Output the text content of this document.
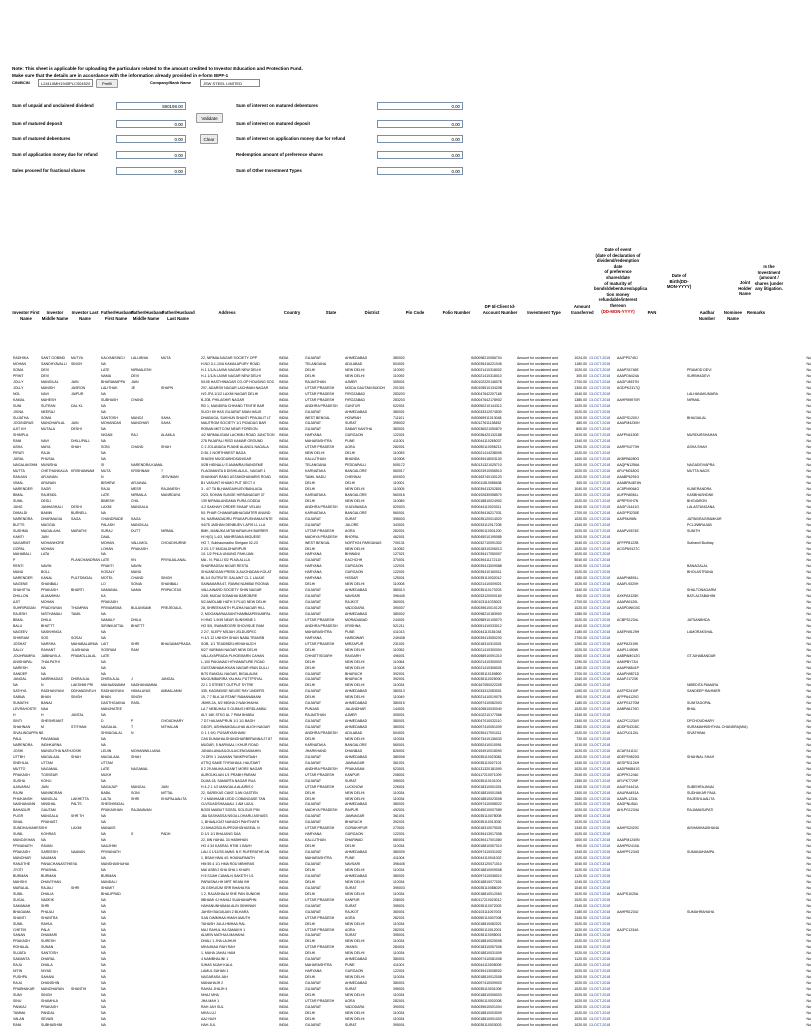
Note: This sheet is applicable for uploading the particulars related to the amount credited to Investor Education and Protection Fund.
Make sure that the details are in accordance with the information already provided in e-form IEPF-1
CIN/BCIN	L24110MH1945PLC004520	Prefill	Company/Bank Name	JSW STEEL LIMITED
Sum of unpaid and unclaimed dividend	590198.00
Sum of matured deposit	0.00
Sum of matured debentures	0.00
Sum of application money due for refund	0.00
Sales proceed for fractional shares	0.00
Validate
Clear
Sum of interest on matured debentures	0.00
Sum of interest on matured deposit	0.00
Sum of interest on application money due for refund	0.00
Redemption amount of preference shares	0.00
Sum of Other Investment Types	0.00
Investor First Name
Investor Middle Name
Investor Last Name
Father/Husband First Name
Father/Husband Middle Name
Father/Husband Last Name
Address	Country	State	District	Pin Code	Folio Number
DP Id-Client Id-Account Number	Investment Type
Amount transferred
Date of event
(date of declaration of
dividend/redemption date
of preference shares/date
of maturity of
bonds/debentures/applica
tion money
refundable/interest
thereon
(DD-MON-YYYY)	PAN
Date of Birth(DD-MON-YYYY)
Aadhar Number
Nominee Name
Joint Holder Name
Remarks
Is the Investment (amount / shares )under any litigation.
RADHIKA	SANT GOBIND	MUTYA	KALYANSINGJ	LALLIBHAI	MUTA	22, NIRMALNAGAR SOCIETY OPP	INDIA	GUJARAT	AHMEDABAD	380002		IN30098210056704	Amount for unclaimed and	1024.00	13-OCT-2018	AAJPP0745J				No
MOHAN	SANDHYAVALLI	SINGH	NA			H.NO.3-1-10/A KAMALAPURY ROAD	INDIA	TELANGANA	ADILABAD	504001		IN30039416221045	Amount for unclaimed and	1180.00	13-OCT-2018					No
SOMA	DEVI		LATE	NIRMALESH		H-1 1/1/A LAXMI NAGAR NEW DELHI	INDIA	DELHI	NEW DELHI	110092		IN30021410318002	Amount for unclaimed and	1020.00	13-OCT-2018	AAAPS4746E		PRAMOD DEVI		No
PRINT	DEVI		NAMA	DEVI		H-1 1/1/A LAXMI NAGAR NEW DELHI	INDIA	DELHI	NEW DELHI	110092		IN30021410318010	Amount for unclaimed and	300.00	13-OCT-2018	AAAPD6424A		SURBHADEVI		No
JOLLY	MANGILAL	JAIN	BHARAMAPPA	JAIN		5/105 HASTHINAGAR CO-OP HOUSING SOC	INDIA	RAJASTHAN	AJMER	305001		IN30102220146078	Amount for unclaimed and	2700.00	13-OCT-2018	AAGPJ4537N				No
JOLLY	MANISH	JASRON	LALITHAK	JE	SHAPN	297, ADARSH NAGAR LACHMAN NAGAR	INDIA	UTTAR PRADESH	NOIDA GAUTAM BUDDH	201301		IN30105510134208	Amount for unclaimed and	1300.00	13-OCT-2018	AGDPK2317Q				No
NOL	NAVI	JAIPUR	NA			H/2 JFA 1/1/2 LAXMI NAGAR DELHI	INDIA	UTTAR PRADESH	FIROZABAD	283203		IN30047642207165	Amount for unclaimed and	1040.00	13-OCT-2018			LALHANAKUMARA		No
KAMAL	MAHESH		SUBHASH	CHAND		B-208, PHILASHIR NAGAR	INDIA	UTTAR PRADESH	FIROZABAD	283203		IN30047642178902	Amount for unclaimed and	1380.00	13-OCT-2018	AAHPM5970R		NIRMAL		No
SUNI	SUTRAN	DAL KL	NA			RD 1, MANDIRA CHHAND TENTIE BAR	INDIA	ANDHRA PRADESH	GUNTUR	522001		IN30050210144312	Amount for unclaimed and	1020.00	13-OCT-2018					No
JIGNA	NEERAJ		NA			SUCH 89 HAS GUJARAT MIAN HAUS	INDIA	GUJARAT	AHMEDABAD	380001		IN30033312074530	Amount for unclaimed and	1020.00	13-OCT-2018					No
SUJATHA	SOMA		SANTOSH	MANOJ	SAHA	DHABUGA, SUKHUN SHANTI PRAJALIT LT	INDIA	WEST BENGAL	HOWRAH	711101		IN30069911013048	Amount for unclaimed and	1020.00	13-OCT-2018	AAGPS1200J		BHAGIALAL		No
JOGINDRAS	MANOHARLAL	JAIN	MOHANDAS	MANOHAR	SAHA	MAUTROM SOCIETY 1/1 PIDADAG BAR	INDIA	GUJARAT	SURAT	395002		IN30127611138452	Amount for unclaimed and	480.00	13-OCT-2018	AAAPM4230H				No
AJIT KH	MUTALA	DESHI	NA			ROBAN METCOM NEAR FOREIGN	INDIA	GUJARAT	SABAR KANTHA	383001		IN30036021050870	Amount for unclaimed and	800.00	13-OCT-2018					No
SHIMPLA			NIGAM	RAJ	ALAMLA	4/2 NIRMALIGAM LACHMU ROAD JUNCTION	INDIA	HARYANA	GURGAON	122001		IN30036420132188	Amount for unclaimed and	1020.00	13-OCT-2018	AAFPN4130E		MURDURSHAHAN		No
RANI	NAVI	DHILLIPALL	NA			278 PAJAPALI RISD KAMAR GROUND	INDIA	MAHARASHTRA	PUNE	411001		IN30044110265037	Amount for unclaimed and	1340.00	13-OCT-2018					No
ASHA	MAYA	SHAH	SONI	CHAND	SHAH	C 2 JOLANAGA PIJANE ALANGL NAGALA	INDIA	UTTAR PRADESH	AGRA	282001		IN30050110096213	Amount for unclaimed and	1290.00	13-OCT-2018	AARPS4770H		ASHA SHAH		No
PIRATI	RAJA		NA			D BL 1 NORTHWEST BAGA	INDIA	NEW DELHI	DELHI	110053		IN30021414238005	Amount for unclaimed and	1020.00	13-OCT-2018					No
JURAL	PHUSAL		NA			SHASHI MUGDUBHDSANIGAR	INDIA	KALLUTHAN	BHANDA	110008		IN30039418003100	Amount for unclaimed and	1400.00	13-OCT-2018	AKBPB6280G				No
NAGALAKSHM	MUNISHA		SI	NARENDRA KAMAL		5/2B HIDNALU S ANAMRAI BANGEME	INDIA	TELANGANA	PEDDAPALLI	505172		IN30131321025710	Amount for unclaimed and	1020.00	13-OCT-2018	AAQPN1256A		NAGADEVIAPRA		No
MUTTA	CHETHANKALIA	KRISHANNAM	MUTA	KRISHNAM	?	FLAGIMANTA 8 DISHILALILIL, NAGAR 1	INDIA	KARNATAKA	BANGALORE	560017		IN30023910056510	Amount for unclaimed and	1020.00	13-OCT-2018	AFLPM0180G		MUTTA NAGS		No
RANJAN	ARJUNAN		N		JESVIMAN	SHANKAR RANG ASTAMOHANARIS ROAD	INDIA	TAMIL NADU	CHENNAI	600003		IN30163740130120	Amount for unclaimed and	1020.00	13-OCT-2018	AAABP6291G				No
VIMAL	ARUNAN		BISHEW	ARJUNAL		B1 VASUNT KHAMO PUT SECT 4	INDIA	DELHI	DELHI	110001		IN30011810085408	Amount for unclaimed and	300.00	13-OCT-2018	AAABPA4874N				No
NARENDER	SAGR		RAJU	MESR	RAJANESH	3 - 4/7 TA BLHAMGAIHUSY/BANLAGA	INDIA	DELHI	NEW DELHI	110005		IN30039413202801	Amount for unclaimed and	1040.00	13-OCT-2018	AC8PN9064G		KUNERANDRA		No
BIMAL	RAJENDL		LATE	NIRMALA	MANRDAYA	2/23, SOHAN SUNGE HIRSANAGAR 37	INDIA	KARNATAKA	BANGALORE	560016		IN30192630058570	Amount for unclaimed and	1020.00	13-OCT-2018	AUFPN6061L		KASBHASHDNK		No
SUNIL	DESLI		BIMESH	CHIL		139 NIRMALANDAMA PURA GODDA	INDIA	DELHI	NEW DELHI	110089		IN30018810024902	Amount for unclaimed and	1020.00	13-OCT-2018	APRPSVH7N		BHGVARGN		No
JUNG	JANHASHALI	DESHI	LAXMI	MANGALA		4-2 SAKHAYI ORDER SHAAF VELAN	INDIA	ANDHRA PRADESH	VIJAYAWADA	520003		IN30044110020311	Amount for unclaimed and	1040.00	13-OCT-2018	AAGPJ1441G		LALASTANGANA		No
DIMALDI	BAMIN	BURNELL	NA			5/1 PHAR CHAMARABHAGAMTER ANUND	INDIA	KARNATAKA	BANGALORE	560001		IN30039416217031	Amount for unclaimed and	2700.00	13-OCT-2018	AAGPP3230E				No
NARENDRA	DHARMAGIA	SAGA	CHANDRADE	SAGA		94, NARMADADRU PRAKAPUSHANIA ENTE	INDIA	GUJARAT	SURAT	395003		IN30035120014020	Amount for unclaimed and	1020.00	13-OCT-2018	AAIPNU96N		JATINDRAGRAMKAR		No
BUTTS	MAGGIA		PALASH	MANGILAL		94/75 JASHAN DENBUEV LAPIS LL LLA	INDIA	GUJARAT	JALORE	343001		IN30033112017208	Amount for unclaimed and	1340.00	13-OCT-2018			PCLJNBRAJAB		No
SUSHMA	MAGALAHA	MARATHI	SURAJ	DUTT	NIRMAL	BMK, MANUKA MITAHARAKUHI BARRER	INDIA	UTTAR PRADESH	AGRA	282001		IN30050110001200	Amount for unclaimed and	1020.00	13-OCT-2018	AAAPV4574E		SUNITH		No
KAMTI	JAIN		DAAL			HI H(G) 1-4/3, MAHRSANA MIGUESE	INDIA	MADHYA PRADESH	BHOPAL	462001		IN30045010195085	Amount for unclaimed and	1020.00	13-OCT-2018					No
NAGARMT	MOHANHORE		MOHAN	VALLIMOL	CHOUDHURNE	HO 7, Subhaumadhu Shrigam 02-23	INDIA	WEST BENGAL	NORTH24 PARGANAS	700131		IN30032710091302	Amount for unclaimed and	1040.00	13-OCT-2018	AFFPP8122B		Suthamil Bodhay		No
GOPAL	MOHAN		LOHAN	PRAKASH		2 2/1 1/7 MUDALDHARIPUR	INDIA	DELHI	NEW DELHI	110052		IN30018310206013	Amount for unclaimed and	1020.00	13-OCT-2018	ACGPN9127C				No
MAHABALI	LATA		NA			1/1 1/2 PHLA UNIUNG PAHUJAN	INDIA	HARYANA	BHIWANI	127021		IN30039417050007	Amount for unclaimed and	1020.00	13-OCT-2018					No
P		PLANCHANDRAN	LATE	KN	PRIYAJALANAL	MA - N, PALLI 5/2 PLNA ALLLA	INDIA	GUJARAT	KACHCHH	370001		IN30039411172110	Amount for unclaimed and	5040.00	13-OCT-2018					No
RENTI	NAVIN		PRAKTI	NAVIN		SHARRADSAI NIGAR RESTA	INDIA	HARYANA	GURGAON	122001		IN30039413009088	Amount for unclaimed and	1020.00	13-OCT-2018			BANAGALAL		No
MANU	BOLL		KOSALY	MANU		SHUANDGAN PRISB JLAUGHADAN KOLAT	INDIA	HARYANA	GURGAON	122001		IN30039410160011	Amount for unclaimed and	1020.00	13-OCT-2018			BHOLASTRANA		No
NARENDER	KANAL	PULTSINGAL	MOTEL	CHAND	SINGH	BL1/4 SUTRUTE GALAINT CL 1 LAUUE	INDIA	HARYANA	HISSAR	125001		IN30035110032012	Amount for unclaimed and	1180.00	13-OCT-2018	AAAPN6591L				No
NAGENE	SHANBALI		LO	SONIA	SHANBALI	SAINAMARA 67, RAMNI NUMBAI ROONIA	INDIA	DELHI	NEW DELHI	110008		IN30021410009021	Amount for unclaimed and	1020.00	13-OCT-2018	AAAFL9320H				No
SHAHITYA	PRAKASH	BHARTI	NAMANAL	NAMA	PRIPACITAS	VALLAINARD SOCIETY SHIN NAGAR	INDIA	GUJARAT	AHMEDABAD	380013		IN30035110170203	Amount for unclaimed and	1340.00	13-OCT-2018			SHALTONAGARM		No
DHILLON	ALMA/BHAI		KA			24/8, MUDAI SOMAHAI BAROB/RE	INDIA	GUJARAT	NAVSARI	396445		IN30033120000160	Amount for unclaimed and	500.00	13-OCT-2018	AXKPA3125K		BATLALTABAHINI		No
AJIT	MOHAN		PRAKASH			5/2 AMOLABI HATH 3 PLUG NEW DELHI	INDIA	GUJARAT	RAJKOT	360001		IN30103111033003	Amount for unclaimed and	2700.00	13-OCT-2018	AAAPA9120L				No
SUHRIPASAN	PRADYAYAN	THUMPAN	PRIVAMSMA	BULANSAMI	PREJEOALIL	28, SHREEKANTH PUZHA NAGAR HILL	INDIA	GUJARAT	VADODARA	390007		IN30039610010120	Amount for unclaimed and	1020.00	13-OCT-2018	AASPDWIG0C				No
RAJESH	NISTHAMALI	TAMIL	NA			2, MOGANARAASANTHAMBAAPENUMPAL	INDIA	GUJARAT	AHMEDABAD	380002		IN30098210183900	Amount for unclaimed and	1280.00	13-OCT-2018					No
BIMAL	DHILA		NAMALY	DHILA		H HNO 1-9/45 NEAR SUNSHINE 1	INDIA	UTTAR PRADESH	MORADABAD	244001		IN30058910105070	Amount for unclaimed and	1020.00	13-OCT-2018	ACBPS1234L		JATSANBHDA		No
BALU	BHATTT		SIRINIKATTAL	BHATTT		HO 5/5, SWAMEOGRI SHOVISUE RAM	INDIA	ANDHRA PRADESH	KRISHNA	521211		IN30051410033012	Amount for unclaimed and	1040.00	13-OCT-2018					No
NAGEEV	NASKHINGA		NA			2 2/7, SLEPY MSJAH JSLDUSPEC	INDIA	MAHARASHTRA	PUNE	411013		IN30044110181044	Amount for unclaimed and	1180.00	13-OCT-2018	AAEPN9129H		LAMORAKSHAL		No
SHIKRAM	SOS	SOSAI	NA			H 4/1 12 UNHOH SHAN NABA TRANSB	INDIA	HARYANA	HARIDWAR	249408		IN30039413050200	Amount for unclaimed and	2700.00	13-OCT-2018					No
JOSHAT	NARSHA	MAHABALARMA	LAIT	SHRI	BHAGAMAPRADA	SOB, 1/1 TEADBDELHEHAHAJCH	INDIA	UTTAR PRADESH	MIRZAPUR	231001		IN30018310310001	Amount for unclaimed and	1260.00	13-OCT-2018	AAFPA2319K				No
SALLY	RAHANT	JLASHANA	SOSRAM	RAM		5/27 VARMAN NAGAR NEW DELHI	INDIA	DELHI	NEW DELHI	110052		IN30021410300004	Amount for unclaimed and	1020.00	13-OCT-2018	AAIPL1490W				No
JOUHRAMRA	JABINAYILA	PRAMOLLALAL	LATE			VALLAYAPRADA PLHGEMARN CAHAN	INDIA	CHHATTISGARH	RAIGARH	496001		IN30058910091310	Amount for unclaimed and	1060.00	13-OCT-2018	AABPAM012G		GTJUHABANDAR		No
ANISHAPAL	THALPATHI		NA			L-100 PAKANAD HITHAMATURE ROAD	INDIA	DELHI	NEW DELHI	110064		IN30021410300003	Amount for unclaimed and	1290.00	13-OCT-2018	AAMPBY7A4				No
NARESH	NA		NA			GUSTANNAMUKKAN NAGAR IRAN DULLI	INDIA	DELHI	NEW DELHI	110008		IN30021410306001	Amount for unclaimed and	1180.00	13-OCT-2018	AAAPN6541P				No
SANDEP	NA		NA			B/70 RANGAL NAGAR, BIGALAUNI	INDIA	GUJARAT	BHARUCH	392001		IN30035110159800	Amount for unclaimed and	2700.00	13-OCT-2018	AAAPN9871D				No
JANGAL	NARBHADAS	DHIRAJLAL	DHIRAJLAL	J	JANGAL	MUGUMBARIRA YALHAL PUTTPSYAL	INDIA	GUJARAT	BHARUCH	392001		IN30035110025000	Amount for unclaimed and	1040.00	13-OCT-2018	AAAPJ1723K				No
NA	N	LAKSHMI PRI	MAHAANIAMM	NADHANIAMMA		22 1 3 STREET OUTPUT SYTRE	INDIA	DELHI	NEW DELHI	110034		IN30167050022205	Amount for unclaimed and	1260.00	13-OCT-2018			NIBEDITA PAMARA		No
SATHYA	RADHANYANI	DDHANDIVELH	RADHANYANI	HIMALAYAS	AMMALAMM	335, KADINDISE NEUSE RAY UNDERS	INDIA	GUJARAT	AHMEDABAD	380013		IN30033312083001	Amount for unclaimed and	1260.00	13-OCT-2018	AATPS2410P		SANDEEP RAHNIER		No
SABNA	BHAN	SINGH	BHAN	SINGH		15, 7 7 BLA 1A RTANF RAMANAMANI	INDIA	DELHI	NEW DELHI	110049		IN30021410019076	Amount for unclaimed and	800.00	13-OCT-2018	AFPPA4120G				No
SUMATHI	BANAJ		DASTHGAKNA	RASL		JMHB 2A, 5/2 MIDHA 2 NAIKIHAIHA	INDIA	GUJARAT	AHMEDABAD	380015		IN30097410082003	Amount for unclaimed and	1180.00	13-OCT-2018	AAFPS1270M		SUNITAGOPAL		No
LEVRAHOSTE	NAA		MANJHATEE			LA 7 NEBUHAU S GUMUS HERDLAMBU	INDIA	PUNJAB	JALANDHAR	144001		IN30109810030040	Amount for unclaimed and	1020.00	13-OCT-2018	AABPA6170D		BHAL		No
H	H	JANTAL	NA			ALY 16K STKG AL 7 PAM BHABU	INDIA	RAJASTHAN	AJMER	305001		IN30102210177066	Amount for unclaimed and	1340.00	13-OCT-2018					No
SINTI	SHESHRANIT		D	P	CHOUDHARY	7 D7 HALMA/PRUN 1/1 1/1 BAGH	INDIA	GUJARAT	AHMEDABAD	380001		IN30047010032110	Amount for unclaimed and	1340.00	13-OCT-2018	AACPC1234Y		DPCHOUDHARY		No
SHAHNAN	M	STITHAM	NAGALAL	T	NITHALAN	GDGFI, ASHWAMGALLIHAI ALIGH NAGAR	INDIA	GUJARAT	AHMEDABAD	380001		IN30097410051009	Amount for unclaimed and	2380.00	13-OCT-2018	ADDPS4318C		SURAMAHNSHTHAL CHANDRA(MIA)		No
SIVALINGAPPA N	S		SHIVAGALAL	N		G 1 1 9/0, PUSARYASHAINI	INDIA	ANDHRA PRADESH	ADILABAD	504001		IN30039417001011	Amount for unclaimed and	1020.00	13-OCT-2018	AACPU1124L		SIVATHIMA		No
PAUL	PAVIAMAAI		NA			CA5 DUMAHALSHANGHARBERANNA 27 87	INDIA	DELHI	NEW DELHI	110034		IN30073410136033	Amount for unclaimed and	720.00	13-OCT-2018					No
NARENDRA	INDHKARNA		NA			MUDAR, 5 NARVAAL I KHUR ROAD	INDIA	KARNATAKA	BANGALORE	560001		IN30052410010091	Amount for unclaimed and	1010.00	13-OCT-2018					No
JOSHI	MANGUTHA NATH	JOSHI	LEUIN	MOHANWILLIANA		JUNAN-AVA/AILOULA/CENGAMAHIN	INDIA	JHARKHAND	DHANBAD	826001		IN30154910018090	Amount for unclaimed and	1020.00	13-OCT-2018	ACAPJ4110J				No
UTTBH	MAGALAAL	SHAH	MAGALAAL	SHAH		74 DRV 1 1/AAHAN TANKPNITAAH	INDIA	GUJARAT	AHMEDABAD	380006		IN30035110023081	Amount for unclaimed and	1020.00	13-OCT-2018	ADEPS9520G		SHAHNAL SHAH		No
SNEHLAL	UTTAM		UTTAM			ATTIQ SAME TIYRAHAUL HAUTAWT	INDIA	GUJARAT	JAMNAGAR	361001		IN30035110027101	Amount for unclaimed and	1340.00	13-OCT-2018	AEGPS1124H				No
MUTTO	NAGAMAL		LATE	NAGAMAL		8 2 29 ANUHA AGANIT MORE NAGAR	INDIA	ANDHRA PRADESH	PRAKASAM	523001		IN30131320181090	Amount for unclaimed and	1020.00	13-OCT-2018	AADPM6541S				No
PRAKASH	TOSSEAR		MUKH			AUROUKLIAN 1/1 PRABH PARAM	INDIA	UTTAR PRADESH	KANPUR	208001		IN30117210071009	Amount for unclaimed and	2040.00	13-OCT-2018	ADPPK1246J				No
SUSHA	KOHLI		NA			DLMA 18, SAMARTA NAGAR RUA	INDIA	GUJARAT	SURAT	395001		IN30035110101001	Amount for unclaimed and	1350.00	13-OCT-2018	AFLPK7729P				No
AJAVARAJ	JAIN		NAGAJUP	MANGAL	JAIN	H 4-2 1 1/2 MANGALA ALAIRIS 0	INDIA	UTTAR PRADESH	LUCKNOW	226001		IN30018310001001	Amount for unclaimed and	1340.00	13-OCT-2018	AAUPJ4441A		SUBEHRAJANAI		No
RAJNI	MANINDRAN		BABA	SONI	MITTAL	22, SAREKAS CAKE 3 AN GASTEN	INDIA	DELHI	NEW DELHI	110034		IN30018810001065	Amount for unclaimed and	1300.00	13-OCT-2018	AAUPA4451A		SUDHAKAR PAUL		No
PHUKANSH	MANGLAL	LAKHETTA	LALTA	SHRI	KHUPALAALITA	7 4 MANHAAB LEDD COBANGASE TAN	INDIA	DELHI	NEW DELHI	110034		IN30018810023008	Amount for unclaimed and	2060.00	13-OCT-2018	AAAPL1234L		RAJESHLAALITA		No
NASHANUNN	NINSHAL	PALTS	SHESHIINGAL			CLVSUADSHAAAALI 1 AM UUUL	INDIA	GUJARAT	AHMEDABAD	380001		IN30097410098022	Amount for unclaimed and	1020.00	13-OCT-2018	AAGPNU5A1				No
BAHADUR	GAUTAM		PRAKASHAN	RAJANAVAN		B/205 MAIBUT SOSSL SOLGUS PIM	INDIA	MADHYA PRADESH	RAIPUR	492001		IN30045010007089	Amount for unclaimed and	1020.00	13-OCT-2018	AHLPG1234U		RAJAMASUPATI		No
PUGR	MANGALA	SHR TH	NA			J8A SASHASSA NSGA LOHARU ASHASS	INDIA	GUJARAT	JAMNAGAR	361001		IN30035110078008	Amount for unclaimed and	1090.00	13-OCT-2018					No
SINAL	PRAHAST		NA			1, BHAALIOAT NAHACH PAHTHATH	INDIA	GUJARAT	BHARUCH	392001		IN30035110013030	Amount for unclaimed and	1020.00	13-OCT-2018					No
SUNDHA MAHES	SHI	LAXMI	MANAVS			2J MHAGSDLKUPR2UHGHASEAL N	INDIA	UTTAR PRADESH	GORAKHPUR	273001		IN30018310079001	Amount for unclaimed and	1340.00	13-OCT-2018	AAHPS2420C		AISHABHAASHANA		No
SUNIL	KOHRAS		NA	S	PADH	D 1/1 1/1 BHAJANG SAA	INDIA	HARYANA	GURGAON	122001		IN30039413017008	Amount for unclaimed and	1020.00	13-OCT-2018					No
MANOJKHAN	NA		NA			22, 8IN HAHAL 34 HABHHAN	INDIA	KALLUTHAN	DHARWAD	580001		IN30039417001080	Amount for unclaimed and	1000.00	13-OCT-2018	AAAPM1240N				No
PRIVANATH	RAVAN		NAUJHIM			HO 4 34 KASRA1 HTMI 1 BAVH	INDIA	DELHI	DELHI	110034		IN30018810057010	Amount for unclaimed and	900.00	13-OCT-2018	AAHPR2410A				No
PRAKASH	SAREESH	NAAVAN	PRIVANATH			LAU 4 1/11/SS AMM1 N E RUFERATHE AN	INDIA	GUJARAT	AHMEDABAD	380009		IN30097410031002	Amount for unclaimed and	1340.00	13-OCT-2018	AAHPP1234G		SUMANAHAMPA		No
MANOHAR	NAUMAN		NA			1, BSAH NMA 4/1 HOANURMATH	INDIA	MAHARASHTRA	PUNE	411004		IN30044110041002	Amount for unclaimed and	1020.00	13-OCT-2018					No
RANJITHE	PANACHANASTHIEVA		MANSHASHUHAI			HM 55 4 1/1 HMA ROU MBHIRAS	INDIA	GUJARAT	NAVSARI	396445		IN30033120071010	Amount for unclaimed and	1040.00	13-OCT-2018					No
JYOTI	PRASHAL		NA			MAI ASBVJ SHA SHA 1 KHARI	INDIA	DELHI	NEW DELHI	110034		IN30018810009008	Amount for unclaimed and	1020.00	13-OCT-2018					No
BURMAN	BURMAN		BURMAN			H 5 SIJAH CAMALN SAKETH 1/1	INDIA	GUJARAT	AHMEDABAD	380001		IN30097410036010	Amount for unclaimed and	1120.00	13-OCT-2018					No
MAHSHI	DHAVITHAN		MANDALI			PARASNA HH MRT HEANI BH	INDIA	DELHI	NEW DELHI	110034		IN30018810077001	Amount for unclaimed and	1240.00	13-OCT-2018					No
MARALAL	RAJALI	SHRI	SHAMIT			26 GSHUSJM SRR BHAHA RA	INDIA	GUJARAT	SURAT	395003		IN30035110088029	Amount for unclaimed and	1040.00	13-OCT-2018					No
SUNIL	DHALIA		BHALIPRAD			1 2, RAJASHALM SHE PAN SUNIDHI	INDIA	DELHI	NEW DELHI	110034		IN30018810012063	Amount for unclaimed and	1020.00	13-OCT-2018	AAJPS1020A				No
SUGAL	NADEIK		NA			5BHAMI 4J HAHAJ SUAHANAPHN	INDIA	UTTAR PRADESH	KANPUR	208001		IN30117210023012	Amount for unclaimed and	1020.00	13-OCT-2018					No
SAMANAH	SHRI		NA			HAHANUNHAM4A ALIN GINHNIAY	INDIA	GUJARAT	SURAT	395001		IN30035110072003	Amount for unclaimed and	2340.00	13-OCT-2018					No
BHAGAMA	PHAJAJ		NA			JAHSH BUGAUAN 2 BLHARA	INDIA	GUJARAT	RAJKOT	360001		IN30103111067003	Amount for unclaimed and	1180.00	13-OCT-2018	AAHPB1234J		SUMAHRAHAHA		No
SHANTI	SHANTRA		NA			SJAI DIMMHAA HMAH AMUTH	INDIA	UTTAR PRADESH	AGRA	282001		IN30050110007008	Amount for unclaimed and	2340.00	13-OCT-2018					No
SUNIL	RAHUL		NA			TAHASH JULA HMHAA RAL	INDIA	DELHI	NEW DELHI	110034		IN30018810082021	Amount for unclaimed and	1020.00	13-OCT-2018					No
CHETIN	PALA		NA			MAJ RAHUL HA SAMAKH 1	INDIA	UTTAR PRADESH	AGRA	282001		IN30050110012001	Amount for unclaimed and	1020.00	13-OCT-2018	AAJPC1234A				No
SANAN	DHAMARI		NA			ALMEN MATHUA MAHAHA	INDIA	GUJARAT	SURAT	395001		IN30035110098001	Amount for unclaimed and	1340.00	13-OCT-2018					No
PRAKASH	SURESH		NA			DHALI 1 JHA LAJHUH	INDIA	DELHI	NEW DELHI	110034		IN30018810025008	Amount for unclaimed and	1020.00	13-OCT-2018					No
ROHALAL	SUNAN		NA			MHAJMAU RAH RAH	INDIA	UTTAR PRADESH	JHANSI	284001		IN30018310057006	Amount for unclaimed and	1340.00	13-OCT-2018					No
SUJATA	SANTOSH		NA			1, MAHA JAHAL HAM	INDIA	DELHI	NEW DELHI	110034		IN30018810031009	Amount for unclaimed and	1020.00	13-OCT-2018					No
SAMANTA	DHARAL		NA			4 NAMBHALINI 1	INDIA	GUJARAT	AHMEDABAD	380001		IN30097410081008	Amount for unclaimed and	1120.00	13-OCT-2018					No
RAJU	DHALA		NA			5JHAS MJAH KALA	INDIA	MAHARASHTRA	PUNE	411001		IN30044110005005	Amount for unclaimed and	1020.00	13-OCT-2018					No
NITIN	NIYAS		NA			LAMUL SAHAN 1	INDIA	HARYANA	GURGAON	122001		IN30039413008002	Amount for unclaimed and	1020.00	13-OCT-2018					No
PUSHPA	SAHANI		NA			NAGARASA JAH	INDIA	DELHI	NEW DELHI	110034		IN30018810012008	Amount for unclaimed and	1020.00	13-OCT-2018					No
RAJU	DHANSHIN		NA			MANAHAJH 2	INDIA	GUJARAT	AHMEDABAD	380001		IN30097410009003	Amount for unclaimed and	1020.00	13-OCT-2018					No
PRABHAKAR	MANOHARAN	SHANTHI	NA			RAHAL JHAJH 4	INDIA	GUJARAT	SURAT	395001		IN30035110031006	Amount for unclaimed and	1020.00	13-OCT-2018					No
SUMI	SINGH		NA			NHAJ MHA	INDIA	DELHI	NEW DELHI	110034		IN30018810006003	Amount for unclaimed and	1020.00	13-OCT-2018					No
SINU	SHAMHLA		NA			JHA MAH 1	INDIA	UTTAR PRADESH	AGRA	282001		IN30050110002008	Amount for unclaimed and	1020.00	13-OCT-2018					No
PANKAJ	PRAKASH		NA			RAH JAH SUL	INDIA	GUJARAT	VADODARA	390001		IN30039610001004	Amount for unclaimed and	1020.00	13-OCT-2018					No
TAMMA	PANDAL		NA			MHA LUJ	INDIA	DELHI	NEW DELHI	110034		IN30018810003009	Amount for unclaimed and	1020.00	13-OCT-2018					No
VALAN	SEVASI		NA			AAJ NUH	INDIA	DELHI	NEW DELHI	110034		IN30018810001003	Amount for unclaimed and	1020.00	13-OCT-2018					No
RANI	SUBHASHINI		NA			HAH JUL	INDIA	GUJARAT	SURAT	395001		IN30035110003003	Amount for unclaimed and	1020.00	13-OCT-2018					No
